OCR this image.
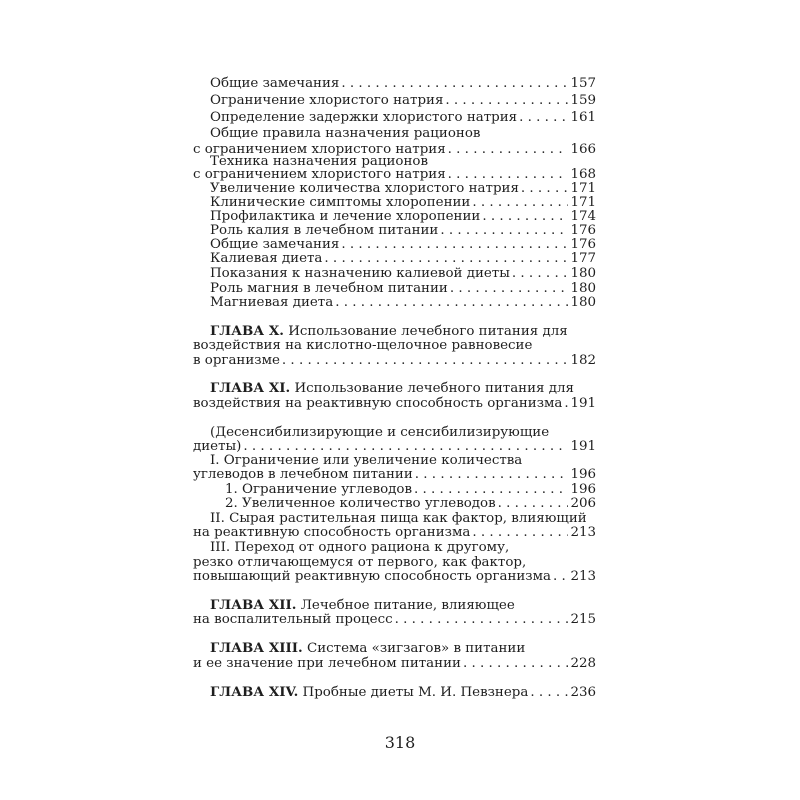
Общие замечания . . .	157
Ограничение хлористого натрия . . .	159
Определение задержки хлористого натрия . . .	161
Общие правила назначения рационов
с ограничением хлористого натрия . . .	166
Техника назначения рационов
с ограничением хлористого натрия . . .	168
Увеличение количества хлористого натрия . . .	171
Клинические симптомы хлоропении . . .	171
Профилактика и лечение хлоропении . . .	174
Роль калия в лечебном питании . . .	176
Общие замечания . . .	176
Калиевая диета . . .	177
Показания к назначению калиевой диеты . . .	180
Роль магния в лечебном питании . . .	180
Магниевая диета . . .	180
ГЛАВА X. Использование лечебного питания для
воздействия на кислотно-щелочное равновесие
в организме . . .	182
ГЛАВА XI. Использование лечебного питания для
воздействия на реактивную способность организма . . . 191
(Десенсибилизирующие и сенсибилизирующие
диеты) . . .	191
I. Ограничение или увеличение количества
углеводов в лечебном питании . . .	196
1. Ограничение углеводов . . .	196
2. Увеличенное количество углеводов . . .	206
II. Сырая растительная пища как фактор, влияющий
на реактивную способность организма . . .	213
III. Переход от одного рациона к другому,
резко отличающемуся от первого, как фактор,
повышающий реактивную способность организма . . . 213
ГЛАВА XII. Лечебное питание, влияющее
на воспалительный процесс . . .	215
ГЛАВА XIII. Система «зигзагов» в питании
и ее значение при лечебном питании . . .	228
ГЛАВА XIV. Пробные диеты М. И. Певзнера . . .	236
318
